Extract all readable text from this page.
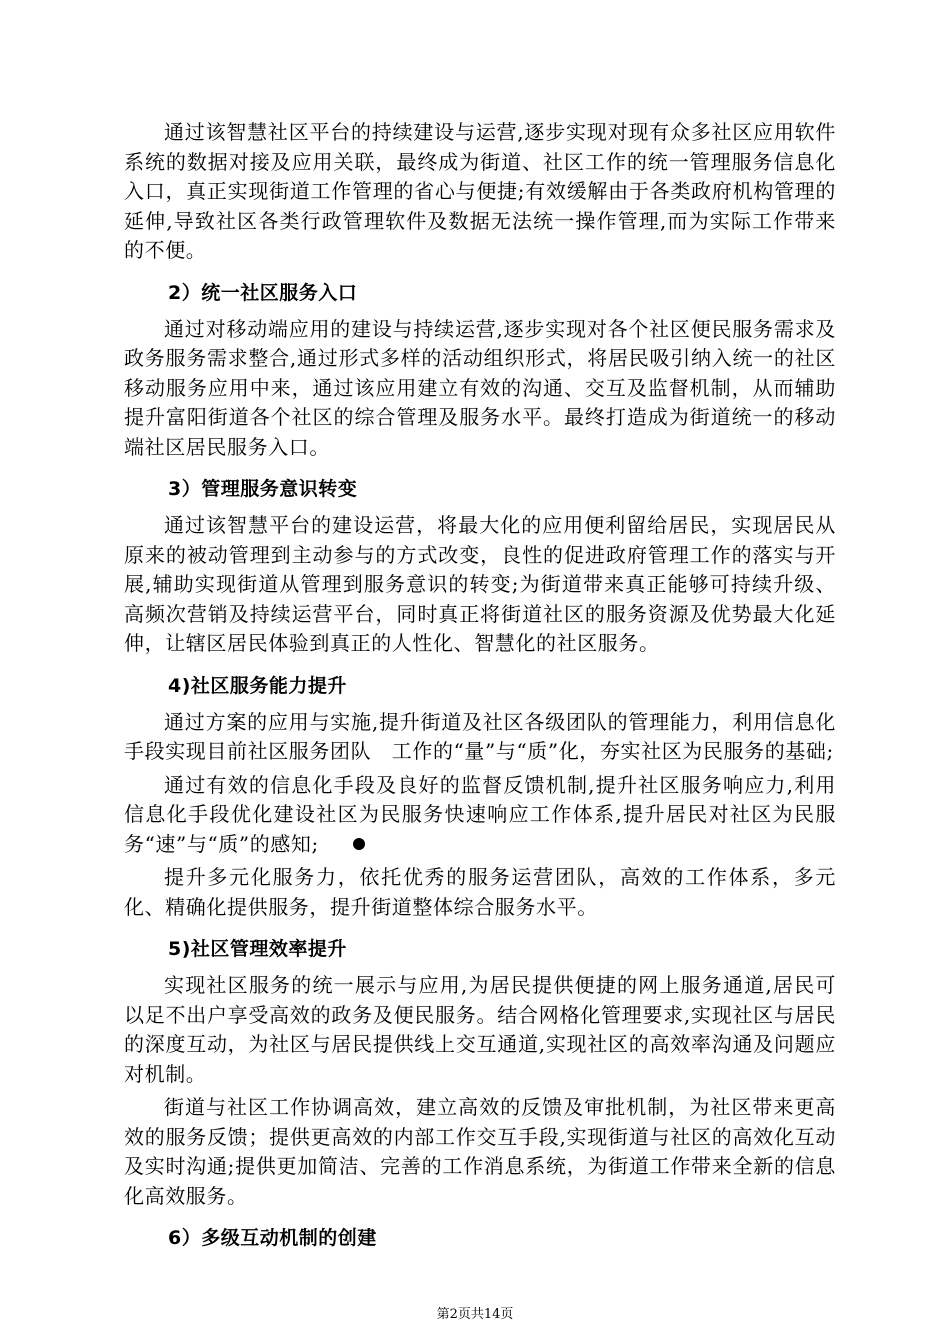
通过该智慧社区平台的持续建设与运营,逐步实现对现有众多社区应用软件系统的数据对接及应用关联，最终成为街道、社区工作的统一管理服务信息化入口，真正实现街道工作管理的省心与便捷;有效缓解由于各类政府机构管理的延伸,导致社区各类行政管理软件及数据无法统一操作管理,而为实际工作带来的不便。

2）统一社区服务入口

通过对移动端应用的建设与持续运营,逐步实现对各个社区便民服务需求及政务服务需求整合,通过形式多样的活动组织形式，将居民吸引纳入统一的社区移动服务应用中来，通过该应用建立有效的沟通、交互及监督机制，从而辅助提升富阳街道各个社区的综合管理及服务水平。最终打造成为街道统一的移动端社区居民服务入口。

3）管理服务意识转变

通过该智慧平台的建设运营，将最大化的应用便利留给居民，实现居民从原来的被动管理到主动参与的方式改变，良性的促进政府管理工作的落实与开展,辅助实现街道从管理到服务意识的转变;为街道带来真正能够可持续升级、高频次营销及持续运营平台，同时真正将街道社区的服务资源及优势最大化延伸，让辖区居民体验到真正的人性化、智慧化的社区服务。

4)社区服务能力提升

通过方案的应用与实施,提升街道及社区各级团队的管理能力，利用信息化手段实现目前社区服务团队　工作的“量”与“质”化，夯实社区为民服务的基础;

通过有效的信息化手段及良好的监督反馈机制,提升社区服务响应力,利用信息化手段优化建设社区为民服务快速响应工作体系,提升居民对社区为民服务“速”与“质”的感知;

提升多元化服务力，依托优秀的服务运营团队，高效的工作体系，多元化、精确化提供服务，提升街道整体综合服务水平。

5)社区管理效率提升

实现社区服务的统一展示与应用,为居民提供便捷的网上服务通道,居民可以足不出户享受高效的政务及便民服务。结合网格化管理要求,实现社区与居民的深度互动，为社区与居民提供线上交互通道,实现社区的高效率沟通及问题应对机制。

街道与社区工作协调高效，建立高效的反馈及审批机制，为社区带来更高效的服务反馈；提供更高效的内部工作交互手段,实现街道与社区的高效化互动及实时沟通;提供更加简洁、完善的工作消息系统，为街道工作带来全新的信息化高效服务。

6）多级互动机制的创建
第2页共14页
